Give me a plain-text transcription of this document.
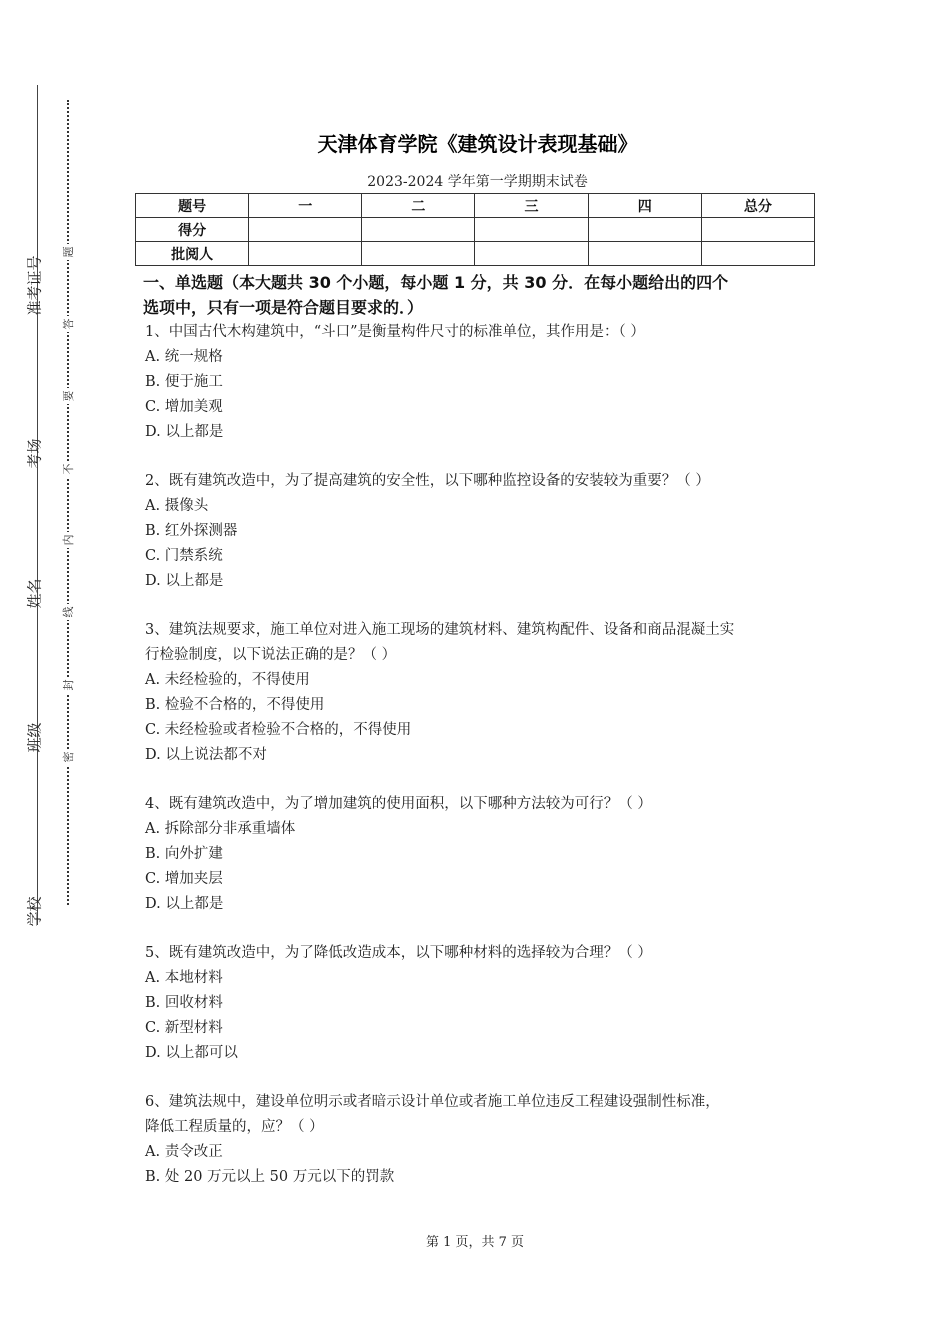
准考证号
考场
姓名
班级
学校
题
答
要
不
内
线
封
密
天津体育学院《建筑设计表现基础》
2023-2024 学年第一学期期末试卷
题号	一	二	三	四	总分
得分					
批阅人					
一、单选题（本大题共 30 个小题，每小题 1 分，共 30 分．在每小题给出的四个
选项中，只有一项是符合题目要求的．）
1、中国古代木构建筑中，“斗口”是衡量构件尺寸的标准单位，其作用是：（ ）
A. 统一规格
B. 便于施工
C. 增加美观
D. 以上都是
2、既有建筑改造中，为了提高建筑的安全性，以下哪种监控设备的安装较为重要？（ ）
A. 摄像头
B. 红外探测器
C. 门禁系统
D. 以上都是
3、建筑法规要求，施工单位对进入施工现场的建筑材料、建筑构配件、设备和商品混凝土实
行检验制度，以下说法正确的是？（ ）
A. 未经检验的，不得使用
B. 检验不合格的，不得使用
C. 未经检验或者检验不合格的，不得使用
D. 以上说法都不对
4、既有建筑改造中，为了增加建筑的使用面积，以下哪种方法较为可行？（ ）
A. 拆除部分非承重墙体
B. 向外扩建
C. 增加夹层
D. 以上都是
5、既有建筑改造中，为了降低改造成本，以下哪种材料的选择较为合理？（ ）
A. 本地材料
B. 回收材料
C. 新型材料
D. 以上都可以
6、建筑法规中，建设单位明示或者暗示设计单位或者施工单位违反工程建设强制性标准，
降低工程质量的，应？（ ）
A. 责令改正
B. 处 20 万元以上 50 万元以下的罚款
第 1 页，共 7 页
